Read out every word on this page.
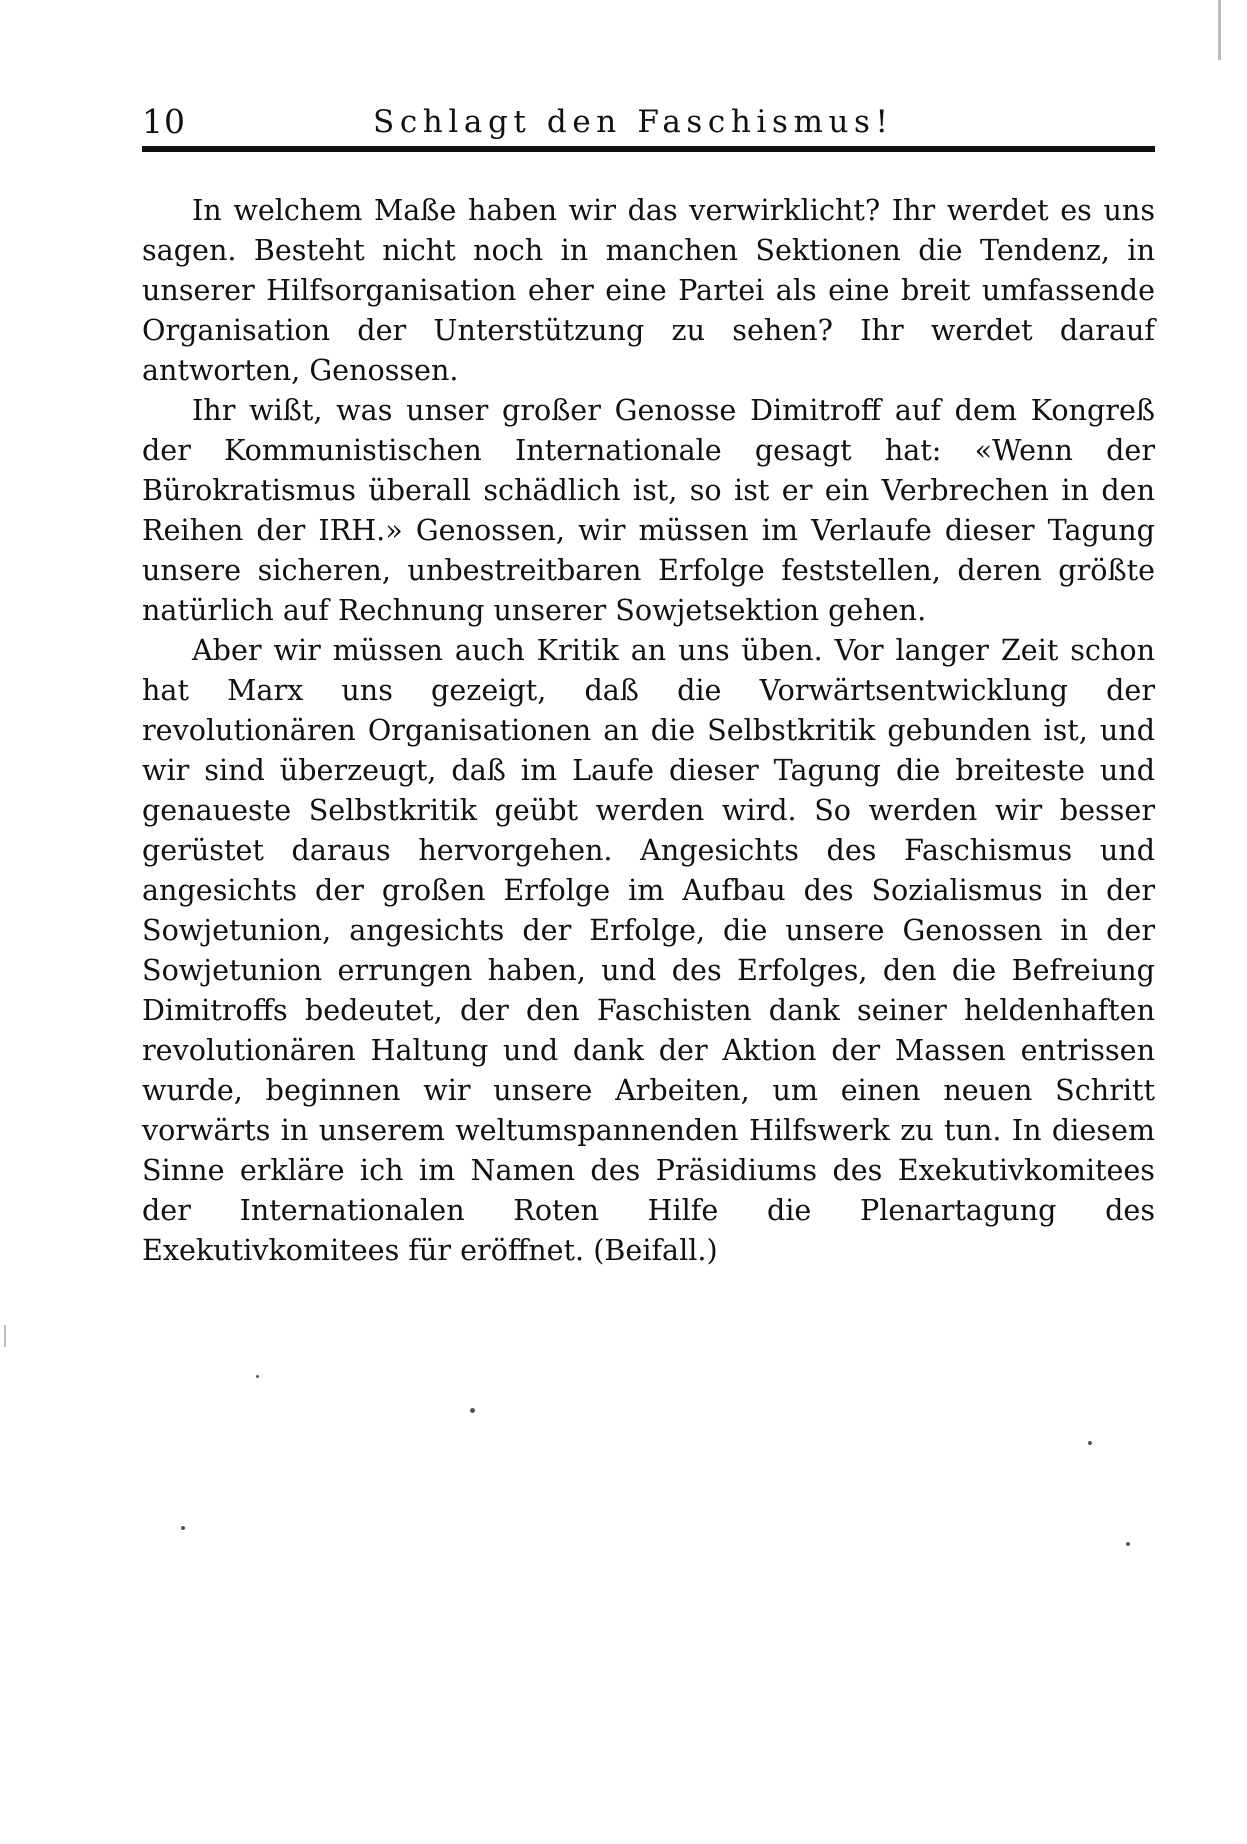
10	Schlagt den Faschismus!

In welchem Maße haben wir das verwirklicht? Ihr werdet es uns sagen. Besteht nicht noch in manchen Sektionen die Tendenz, in unserer Hilfsorganisation eher eine Partei als eine breit umfassende Organisation der Unterstützung zu sehen? Ihr werdet darauf antworten, Genossen.

Ihr wißt, was unser großer Genosse Dimitroff auf dem Kongreß der Kommunistischen Internationale gesagt hat: «Wenn der Bürokratismus überall schädlich ist, so ist er ein Verbrechen in den Reihen der IRH.» Genossen, wir müssen im Verlaufe dieser Tagung unsere sicheren, unbestreitbaren Erfolge feststellen, deren größte natürlich auf Rechnung unserer Sowjetsektion gehen.

Aber wir müssen auch Kritik an uns üben. Vor langer Zeit schon hat Marx uns gezeigt, daß die Vorwärtsentwicklung der revolutionären Organisationen an die Selbstkritik gebunden ist, und wir sind überzeugt, daß im Laufe dieser Tagung die breiteste und genaueste Selbstkritik geübt werden wird. So werden wir besser gerüstet daraus hervorgehen. Angesichts des Faschismus und angesichts der großen Erfolge im Aufbau des Sozialismus in der Sowjetunion, angesichts der Erfolge, die unsere Genossen in der Sowjetunion errungen haben, und des Erfolges, den die Befreiung Dimitroffs bedeutet, der den Faschisten dank seiner heldenhaften revolutionären Haltung und dank der Aktion der Massen entrissen wurde, beginnen wir unsere Arbeiten, um einen neuen Schritt vorwärts in unserem weltumspannenden Hilfswerk zu tun. In diesem Sinne erkläre ich im Namen des Präsidiums des Exekutivkomitees der Internationalen Roten Hilfe die Plenartagung des Exekutivkomitees für eröffnet. (Beifall.)
